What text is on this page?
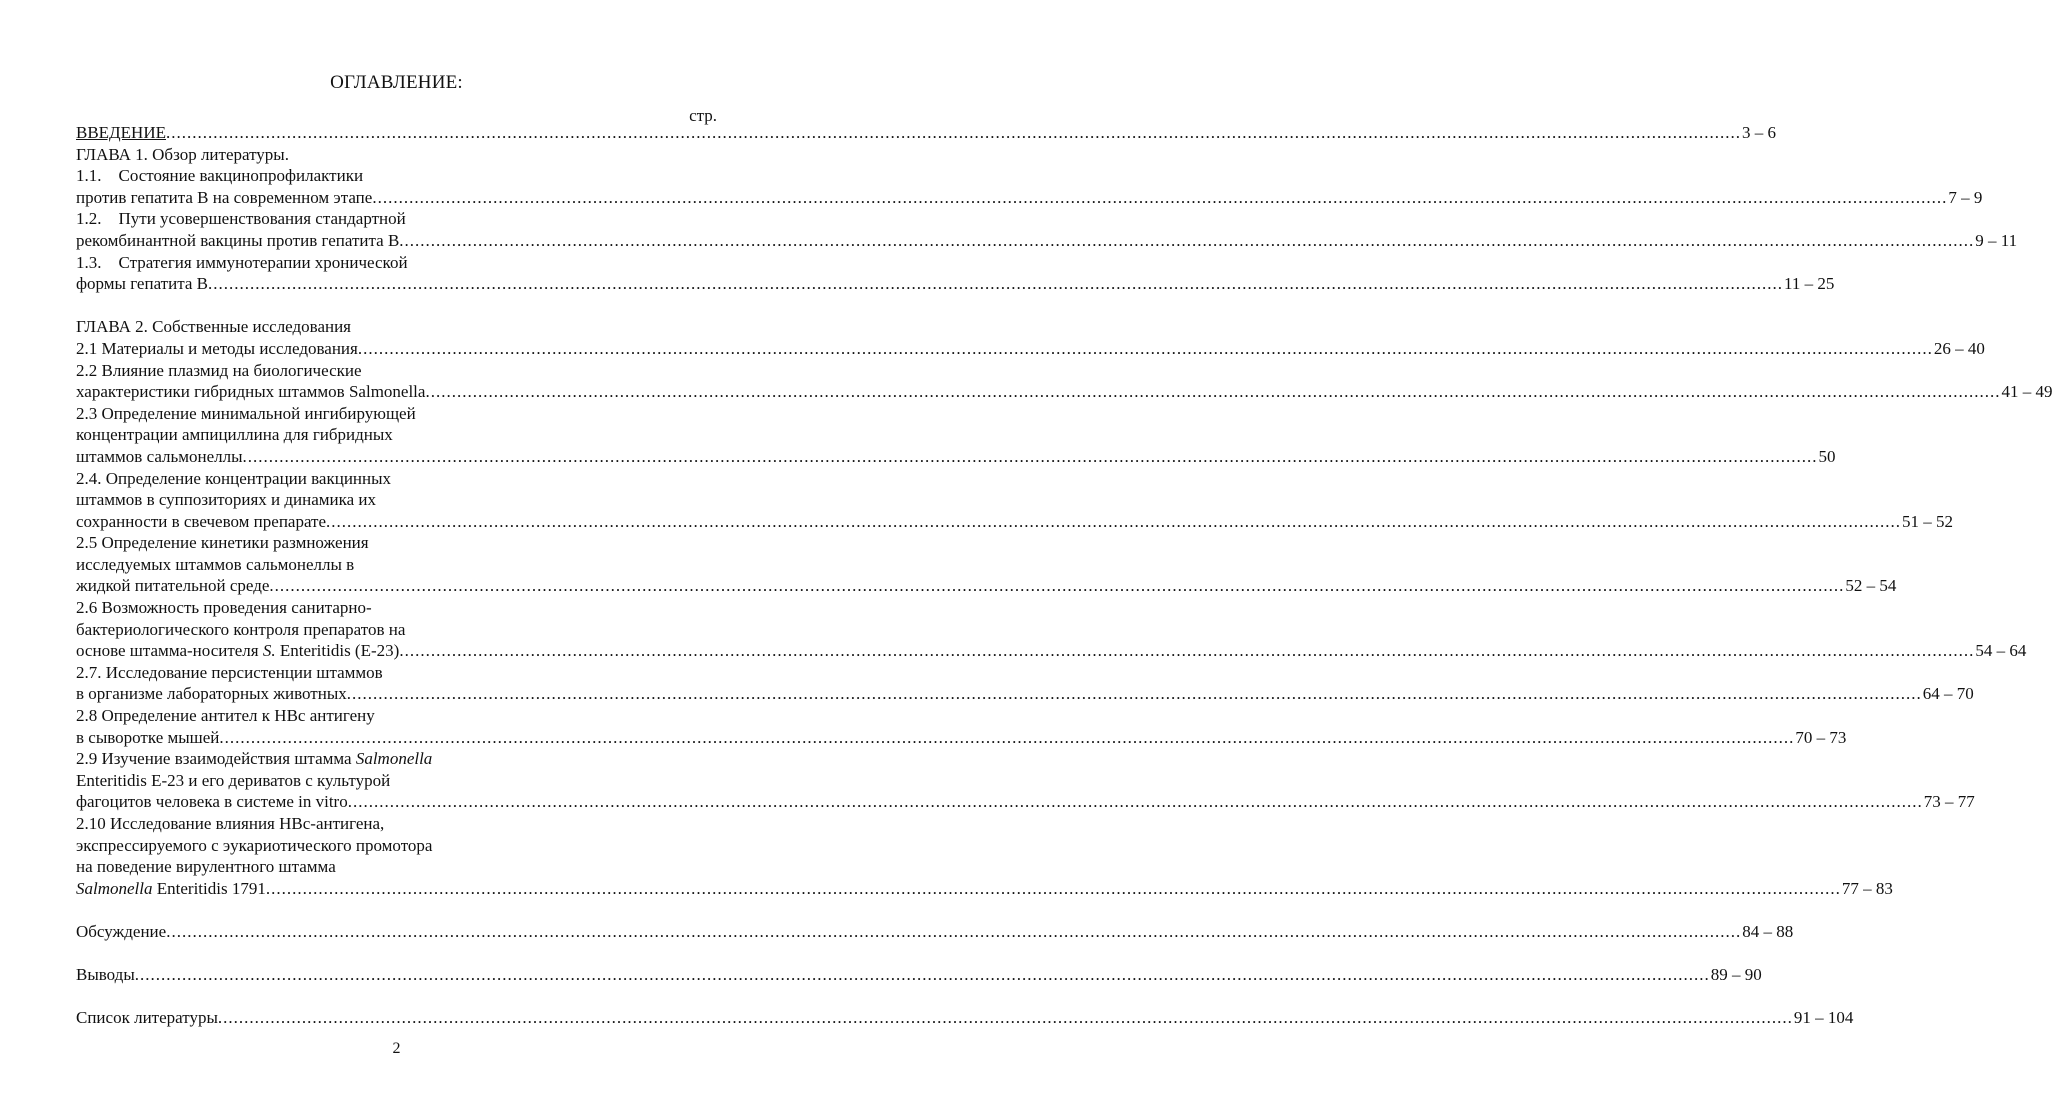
ОГЛАВЛЕНИЕ:
стр.
ВВЕДЕНИЕ ............................................................................................................................................................................................................................................................................................................ 3 – 6
ГЛАВА 1. Обзор литературы.
1.1.    Состояние вакцинопрофилактики
против гепатита В на современном этапе ............................................................................................................................................................................................................................................................................................................ 7 – 9
1.2.    Пути усовершенствования стандартной
рекомбинантной вакцины против гепатита В ............................................................................................................................................................................................................................................................................................................ 9 – 11
1.3.    Стратегия иммунотерапии хронической
формы гепатита В ............................................................................................................................................................................................................................................................................................................ 11 – 25
ГЛАВА 2. Собственные исследования
2.1 Материалы и методы исследования ............................................................................................................................................................................................................................................................................................................ 26 – 40
2.2 Влияние плазмид на биологические
характеристики гибридных штаммов Salmonella ............................................................................................................................................................................................................................................................................................................ 41 – 49
2.3 Определение минимальной ингибирующей
концентрации ампициллина для гибридных
штаммов сальмонеллы ............................................................................................................................................................................................................................................................................................................ 50
2.4. Определение концентрации вакцинных
штаммов в суппозиториях и динамика их
сохранности в свечевом препарате ............................................................................................................................................................................................................................................................................................................ 51 – 52
2.5 Определение кинетики размножения
исследуемых штаммов сальмонеллы в
жидкой питательной среде ............................................................................................................................................................................................................................................................................................................ 52 – 54
2.6 Возможность проведения санитарно-
бактериологического контроля препаратов на
основе штамма-носителя S. Enteritidis (Е-23) ............................................................................................................................................................................................................................................................................................................ 54 – 64
2.7. Исследование персистенции штаммов
в организме лабораторных животных ............................................................................................................................................................................................................................................................................................................ 64 – 70
2.8 Определение антител к НВс антигену
в сыворотке мышей ............................................................................................................................................................................................................................................................................................................ 70 – 73
2.9 Изучение взаимодействия штамма Salmonella
Enteritidis Е-23 и его дериватов с культурой
фагоцитов человека в системе in vitro ............................................................................................................................................................................................................................................................................................................ 73 – 77
2.10 Исследование влияния НВс-антигена,
экспрессируемого с эукариотического промотора
на поведение вирулентного штамма
Salmonella Enteritidis 1791 ............................................................................................................................................................................................................................................................................................................ 77 – 83
Обсуждение ............................................................................................................................................................................................................................................................................................................ 84 – 88
Выводы ............................................................................................................................................................................................................................................................................................................ 89 – 90
Список литературы ............................................................................................................................................................................................................................................................................................................ 91 – 104
2
